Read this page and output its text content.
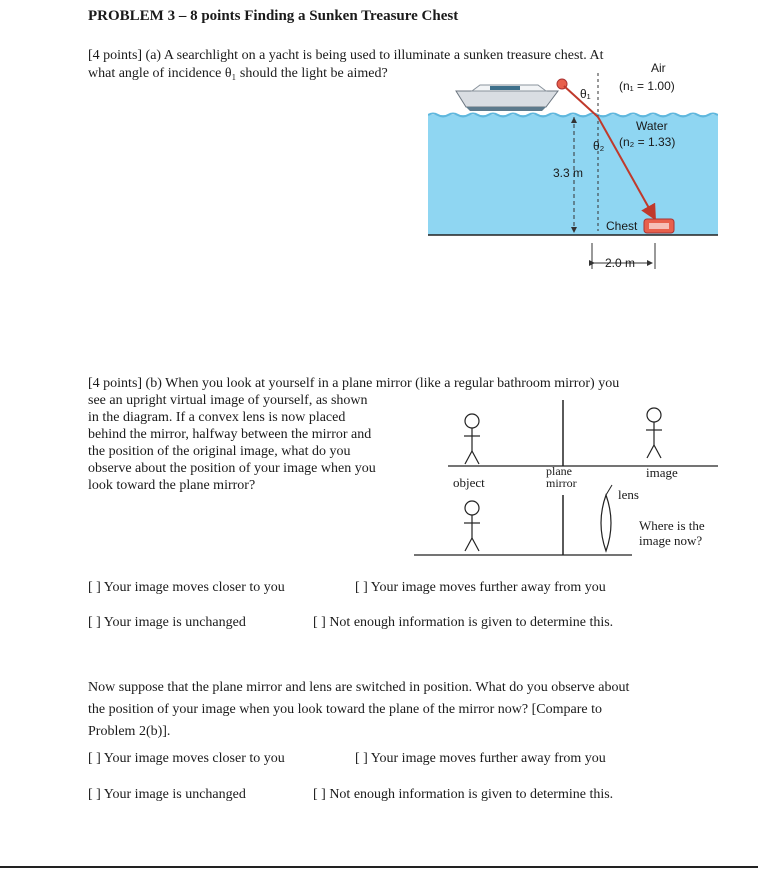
PROBLEM 3 – 8 points Finding a Sunken Treasure Chest
[4 points] (a) A searchlight on a yacht is being used to illuminate a sunken treasure chest. At
what angle of incidence θ₁ should the light be aimed?	Air
(n₁ = 1.00)
θ₁
Water
θ₂ (n₂ = 1.33)
3.3 m
Chest
2.0 m
[4 points] (b) When you look at yourself in a plane mirror (like a regular bathroom mirror) you
see an upright virtual image of yourself, as shown
in the diagram. If a convex lens is now placed
behind the mirror, halfway between the mirror and
the position of the original image, what do you
observe about the position of your image when you
look toward the plane mirror?	object
plane
mirror
image
lens
Where is the
image now?
[ ] Your image moves closer to you	[ ] Your image moves further away from you
[ ] Your image is unchanged	[ ] Not enough information is given to determine this.
Now suppose that the plane mirror and lens are switched in position. What do you observe about
the position of your image when you look toward the plane of the mirror now? [Compare to
Problem 2(b)].
[ ] Your image moves closer to you	[ ] Your image moves further away from you
[ ] Your image is unchanged	[ ] Not enough information is given to determine this.
